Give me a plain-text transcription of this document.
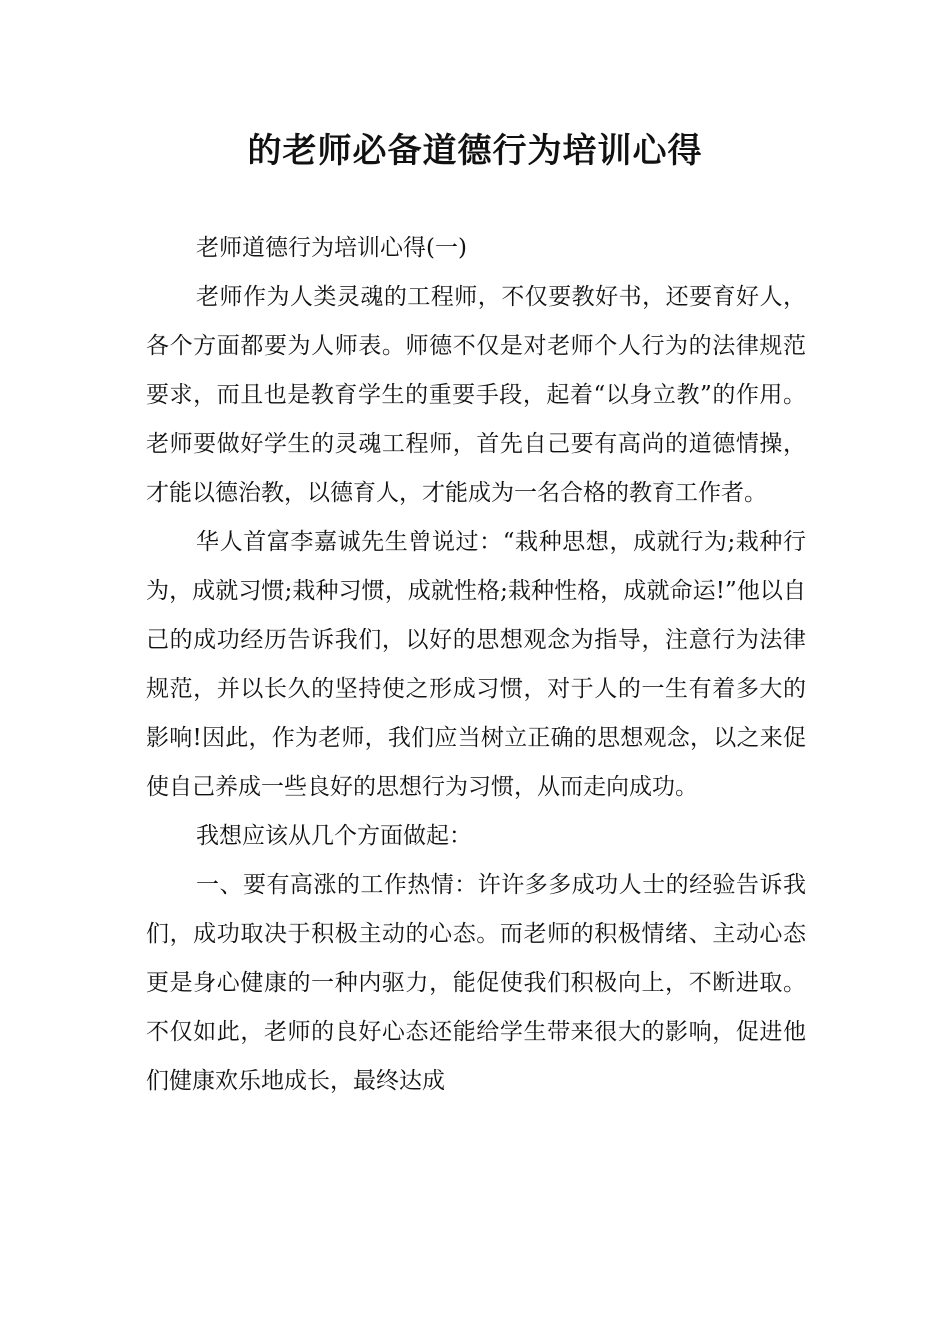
的老师必备道德行为培训心得

老师道德行为培训心得(一)

老师作为人类灵魂的工程师，不仅要教好书，还要育好人，各个方面都要为人师表。师德不仅是对老师个人行为的法律规范要求，而且也是教育学生的重要手段，起着“以身立教”的作用。老师要做好学生的灵魂工程师，首先自己要有高尚的道德情操，才能以德治教，以德育人，才能成为一名合格的教育工作者。

华人首富李嘉诚先生曾说过：“栽种思想，成就行为;栽种行为，成就习惯;栽种习惯，成就性格;栽种性格，成就命运!”他以自己的成功经历告诉我们，以好的思想观念为指导，注意行为法律规范，并以长久的坚持使之形成习惯，对于人的一生有着多大的影响!因此，作为老师，我们应当树立正确的思想观念，以之来促使自己养成一些良好的思想行为习惯，从而走向成功。

我想应该从几个方面做起：

一、要有高涨的工作热情：许许多多成功人士的经验告诉我们，成功取决于积极主动的心态。而老师的积极情绪、主动心态更是身心健康的一种内驱力，能促使我们积极向上，不断进取。不仅如此，老师的良好心态还能给学生带来很大的影响，促进他们健康欢乐地成长，最终达成
